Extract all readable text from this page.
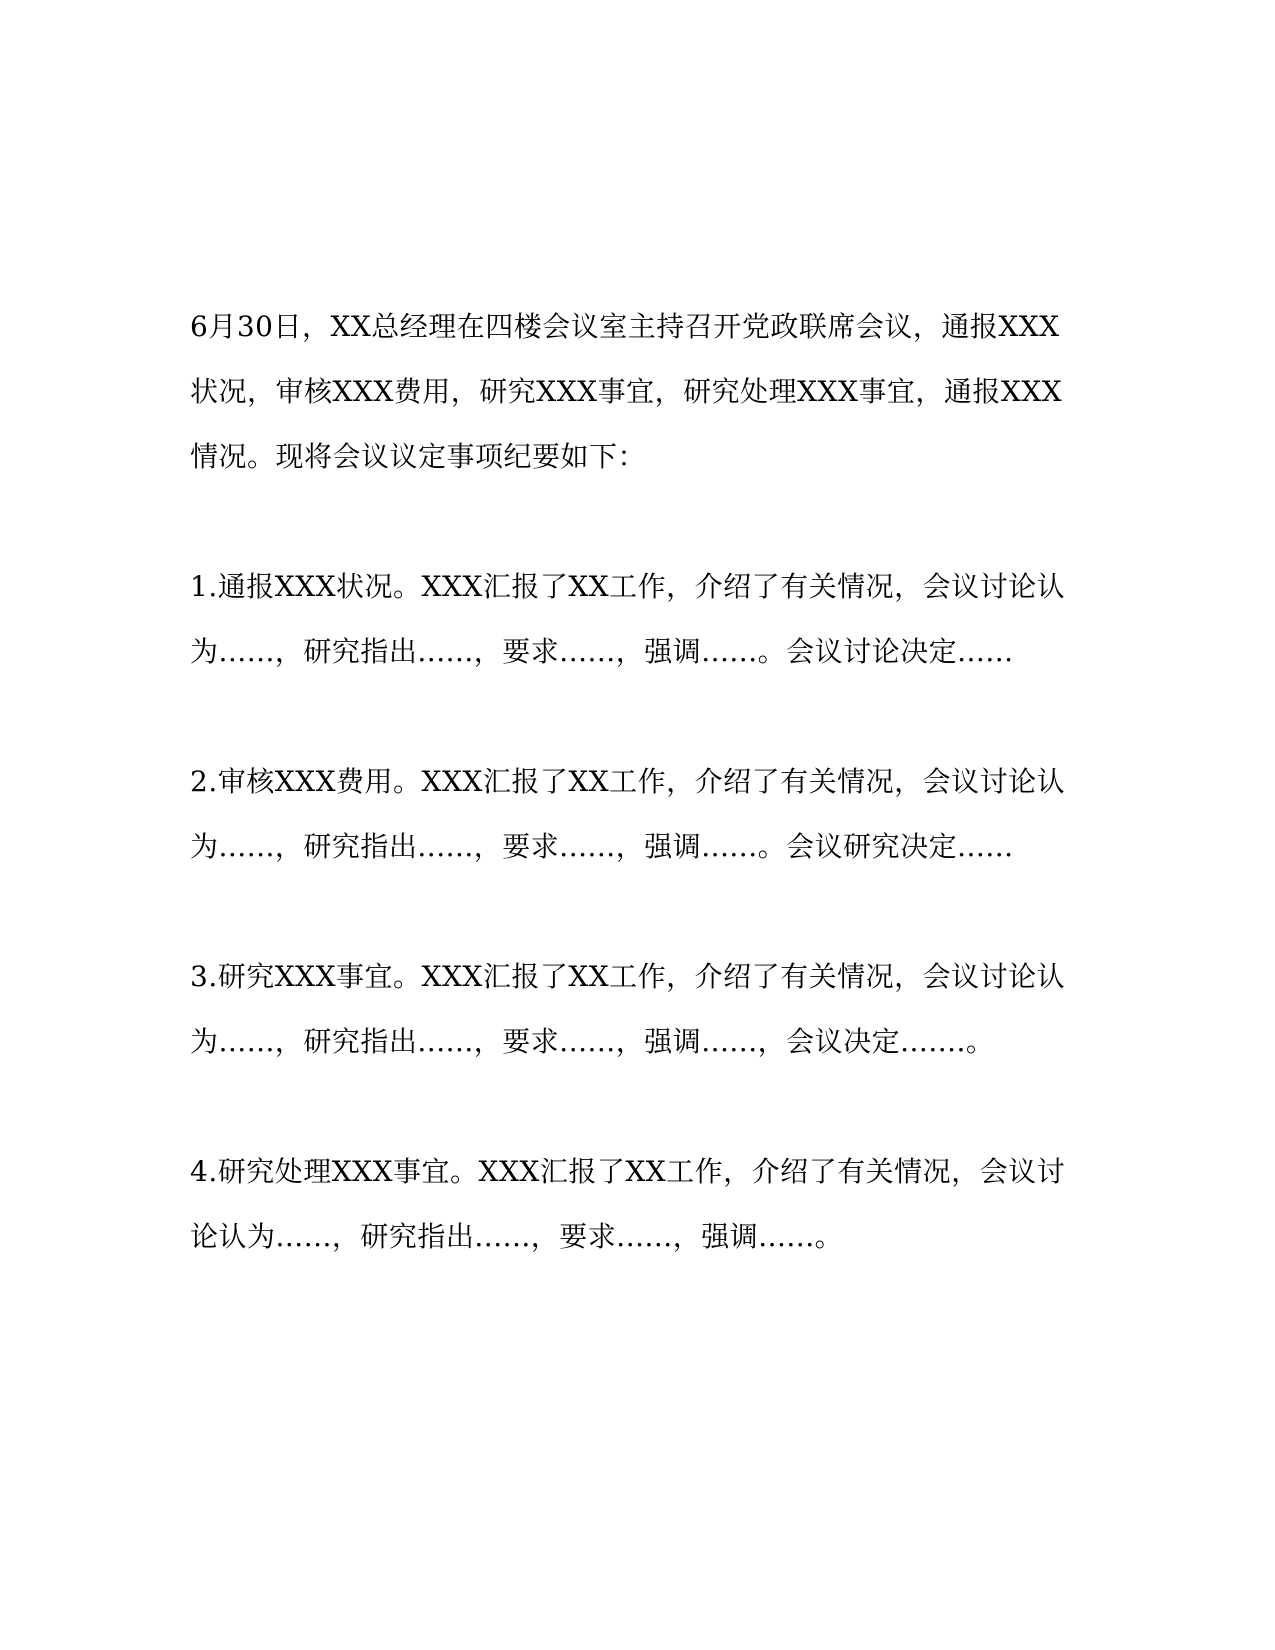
6月30日，XX总经理在四楼会议室主持召开党政联席会议，通报XXX状况，审核XXX费用，研究XXX事宜，研究处理XXX事宜，通报XXX情况。现将会议议定事项纪要如下：

1.通报XXX状况。XXX汇报了XX工作，介绍了有关情况，会议讨论认为......，研究指出......，要求......，强调......。会议讨论决定......

2.审核XXX费用。XXX汇报了XX工作，介绍了有关情况，会议讨论认为......，研究指出......，要求......，强调......。会议研究决定......

3.研究XXX事宜。XXX汇报了XX工作，介绍了有关情况，会议讨论认为......，研究指出......，要求......，强调......，会议决定.......。

4.研究处理XXX事宜。XXX汇报了XX工作，介绍了有关情况，会议讨论认为......，研究指出......，要求......，强调......。
